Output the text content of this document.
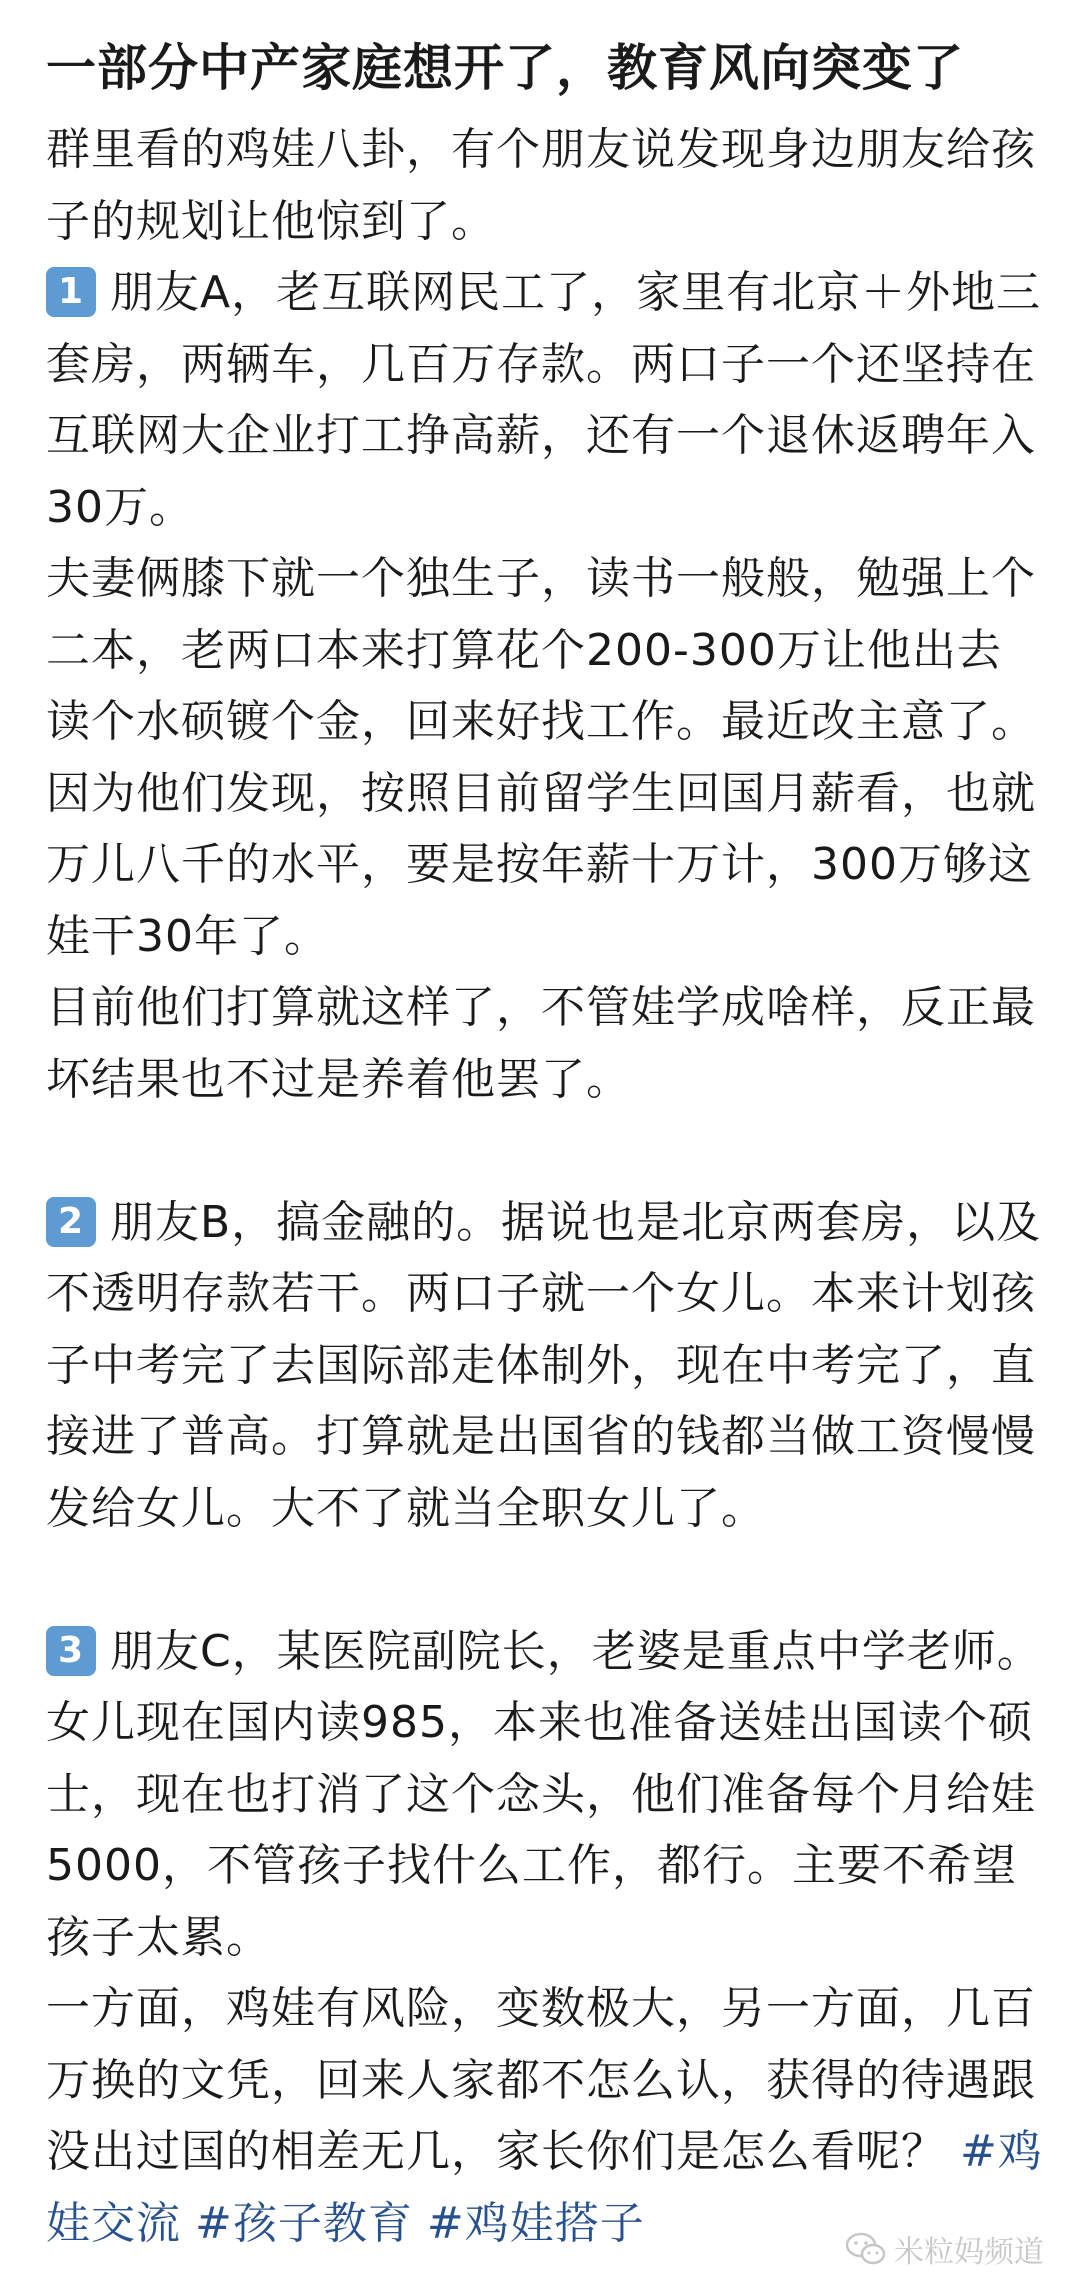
一部分中产家庭想开了，教育风向突变了

群里看的鸡娃八卦，有个朋友说发现身边朋友给孩子的规划让他惊到了。

1 朋友A，老互联网民工了，家里有北京＋外地三套房，两辆车，几百万存款。两口子一个还坚持在互联网大企业打工挣高薪，还有一个退休返聘年入30万。

夫妻俩膝下就一个独生子，读书一般般，勉强上个二本，老两口本来打算花个200-300万让他出去读个水硕镀个金，回来好找工作。最近改主意了。因为他们发现，按照目前留学生回国月薪看，也就万儿八千的水平，要是按年薪十万计，300万够这娃干30年了。

目前他们打算就这样了，不管娃学成啥样，反正最坏结果也不过是养着他罢了。

2 朋友B，搞金融的。据说也是北京两套房，以及不透明存款若干。两口子就一个女儿。本来计划孩子中考完了去国际部走体制外，现在中考完了，直接进了普高。打算就是出国省的钱都当做工资慢慢发给女儿。大不了就当全职女儿了。

3 朋友C，某医院副院长，老婆是重点中学老师。女儿现在国内读985，本来也准备送娃出国读个硕士，现在也打消了这个念头，他们准备每个月给娃5000，不管孩子找什么工作，都行。主要不希望孩子太累。

一方面，鸡娃有风险，变数极大，另一方面，几百万换的文凭，回来人家都不怎么认，获得的待遇跟没出过国的相差无几，家长你们是怎么看呢？ #鸡娃交流 #孩子教育 #鸡娃搭子

米粒妈频道
